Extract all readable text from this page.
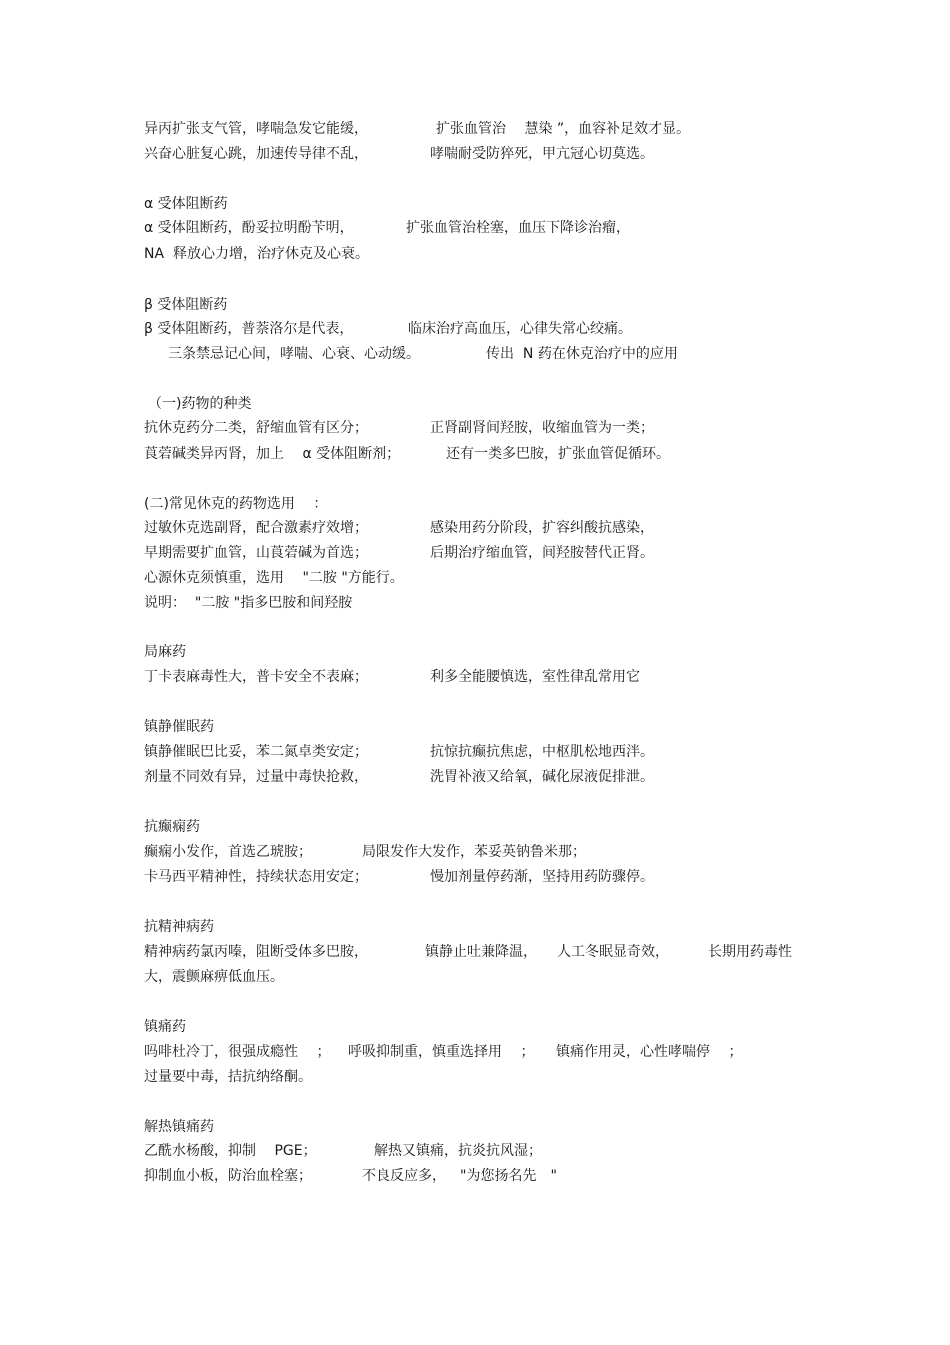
异丙扩张支气管，哮喘急发它能缓，

	扩张血管治　 慧染 ”，血容补足效才显。

兴奋心脏复心跳，加速传导律不乱，

	哮喘耐受防猝死，甲亢冠心切莫选。

α 受体阻断药

α 受体阻断药，酚妥拉明酚苄明，

	扩张血管治栓塞，血压下降诊治瘤，

NA  释放心力增，治疗休克及心衰。

β 受体阻断药

β 受体阻断药，普萘洛尔是代表，

	临床治疗高血压，心律失常心绞痛。

三条禁忌记心间，哮喘、心衰、心动缓。

	传出  N 药在休克治疗中的应用

（一)药物的种类

抗休克药分二类，舒缩血管有区分；

	正肾副肾间羟胺，收缩血管为一类；

莨菪碱类异丙肾，加上　 α 受体阻断剂；

	还有一类多巴胺，扩张血管促循环。

(二)常见休克的药物选用　 ：

过敏休克选副肾，配合激素疗效增；

	感染用药分阶段，扩容纠酸抗感染，

早期需要扩血管，山莨菪碱为首选；

	后期治疗缩血管，间羟胺替代正肾。

心源休克须慎重，选用　 "二胺 "方能行。

说明：  "二胺 "指多巴胺和间羟胺

局麻药

丁卡表麻毒性大，普卡安全不表麻；

	利多全能腰慎选，室性律乱常用它

镇静催眠药

镇静催眠巴比妥，苯二氮卓类安定；

	抗惊抗癫抗焦虑，中枢肌松地西泮。

剂量不同效有异，过量中毒快抢救，

	洗胃补液又给氧，碱化尿液促排泄。

抗癫痫药

癫痫小发作，首选乙琥胺；

	局限发作大发作，苯妥英钠鲁米那；

卡马西平精神性，持续状态用安定；

	慢加剂量停药渐，坚持用药防骤停。

抗精神病药

精神病药氯丙嗪，阻断受体多巴胺，

	镇静止吐兼降温，

人工冬眠显奇效，

	长期用药毒性

大，震颤麻痹低血压。

镇痛药

吗啡杜冷丁，很强成瘾性　 ；

呼吸抑制重，慎重选择用　 ；

镇痛作用灵，心性哮喘停　 ；

过量要中毒，拮抗纳络酮。

解热镇痛药

乙酰水杨酸，抑制　 PGE；

	解热又镇痛，抗炎抗风湿；

抑制血小板，防治血栓塞；

	不良反应多，

"为您扬名先　"
